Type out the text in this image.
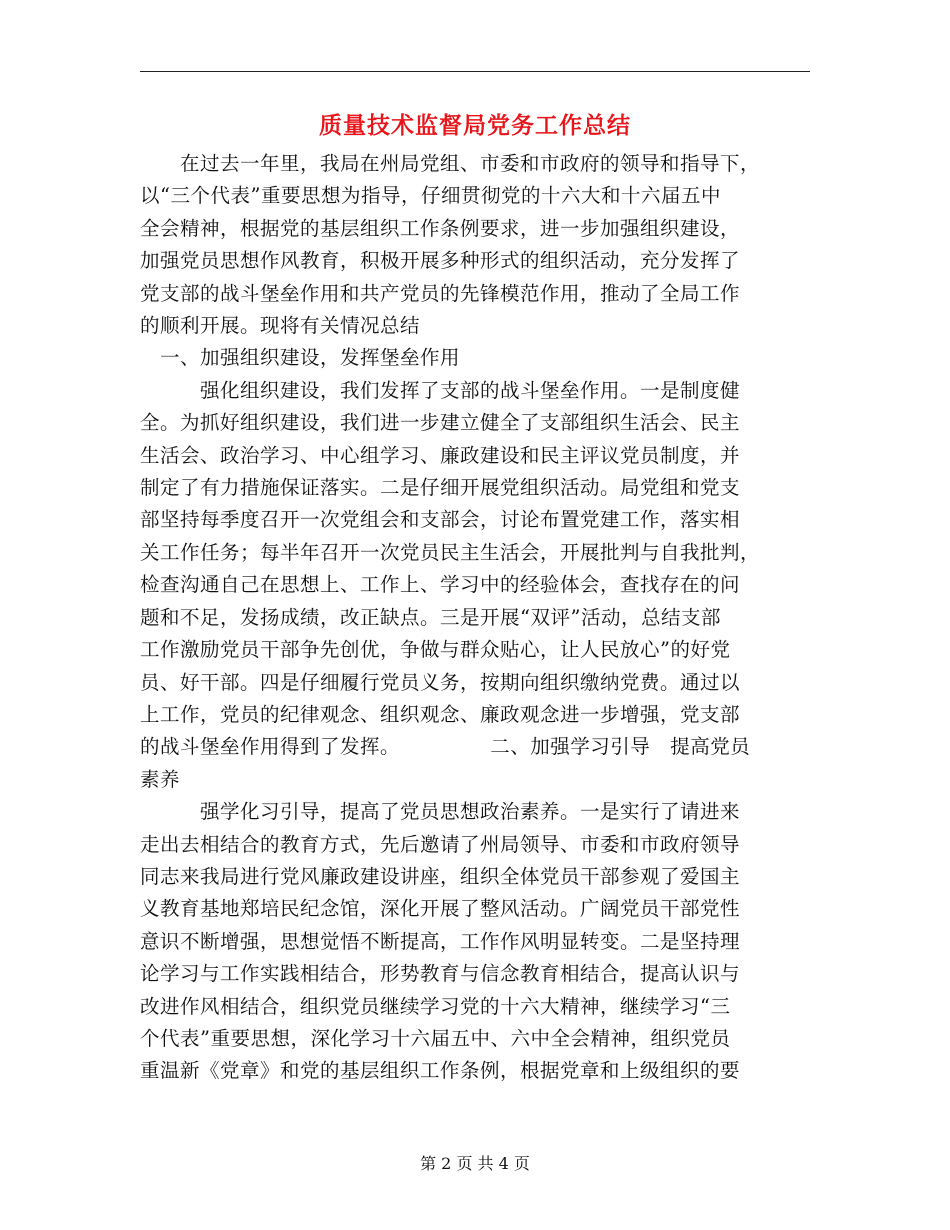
质量技术监督局党务工作总结

　　在过去一年里，我局在州局党组、市委和市政府的领导和指导下，

以“三个代表”重要思想为指导，仔细贯彻党的十六大和十六届五中

全会精神，根据党的基层组织工作条例要求，进一步加强组织建设，

加强党员思想作风教育，积极开展多种形式的组织活动，充分发挥了

党支部的战斗堡垒作用和共产党员的先锋模范作用，推动了全局工作

的顺利开展。现将有关情况总结

　一、加强组织建设，发挥堡垒作用

　　　强化组织建设，我们发挥了支部的战斗堡垒作用。一是制度健

全。为抓好组织建设，我们进一步建立健全了支部组织生活会、民主

生活会、政治学习、中心组学习、廉政建设和民主评议党员制度，并

制定了有力措施保证落实。二是仔细开展党组织活动。局党组和党支

部坚持每季度召开一次党组会和支部会，讨论布置党建工作，落实相

关工作任务；每半年召开一次党员民主生活会，开展批判与自我批判，

检查沟通自己在思想上、工作上、学习中的经验体会，查找存在的问

题和不足，发扬成绩，改正缺点。三是开展“双评”活动，总结支部

工作激励党员干部争先创优，争做与群众贴心，让人民放心”的好党

员、好干部。四是仔细履行党员义务，按期向组织缴纳党费。通过以

上工作，党员的纪律观念、组织观念、廉政观念进一步增强，党支部

的战斗堡垒作用得到了发挥。　　　　　二、加强学习引导　提高党员

素养

　　　强学化习引导，提高了党员思想政治素养。一是实行了请进来

走出去相结合的教育方式，先后邀请了州局领导、市委和市政府领导

同志来我局进行党风廉政建设讲座，组织全体党员干部参观了爱国主

义教育基地郑培民纪念馆，深化开展了整风活动。广阔党员干部党性

意识不断增强，思想觉悟不断提高，工作作风明显转变。二是坚持理

论学习与工作实践相结合，形势教育与信念教育相结合，提高认识与

改进作风相结合，组织党员继续学习党的十六大精神，继续学习“三

个代表”重要思想，深化学习十六届五中、六中全会精神，组织党员

重温新《党章》和党的基层组织工作条例，根据党章和上级组织的要

第 2 页 共 4 页
